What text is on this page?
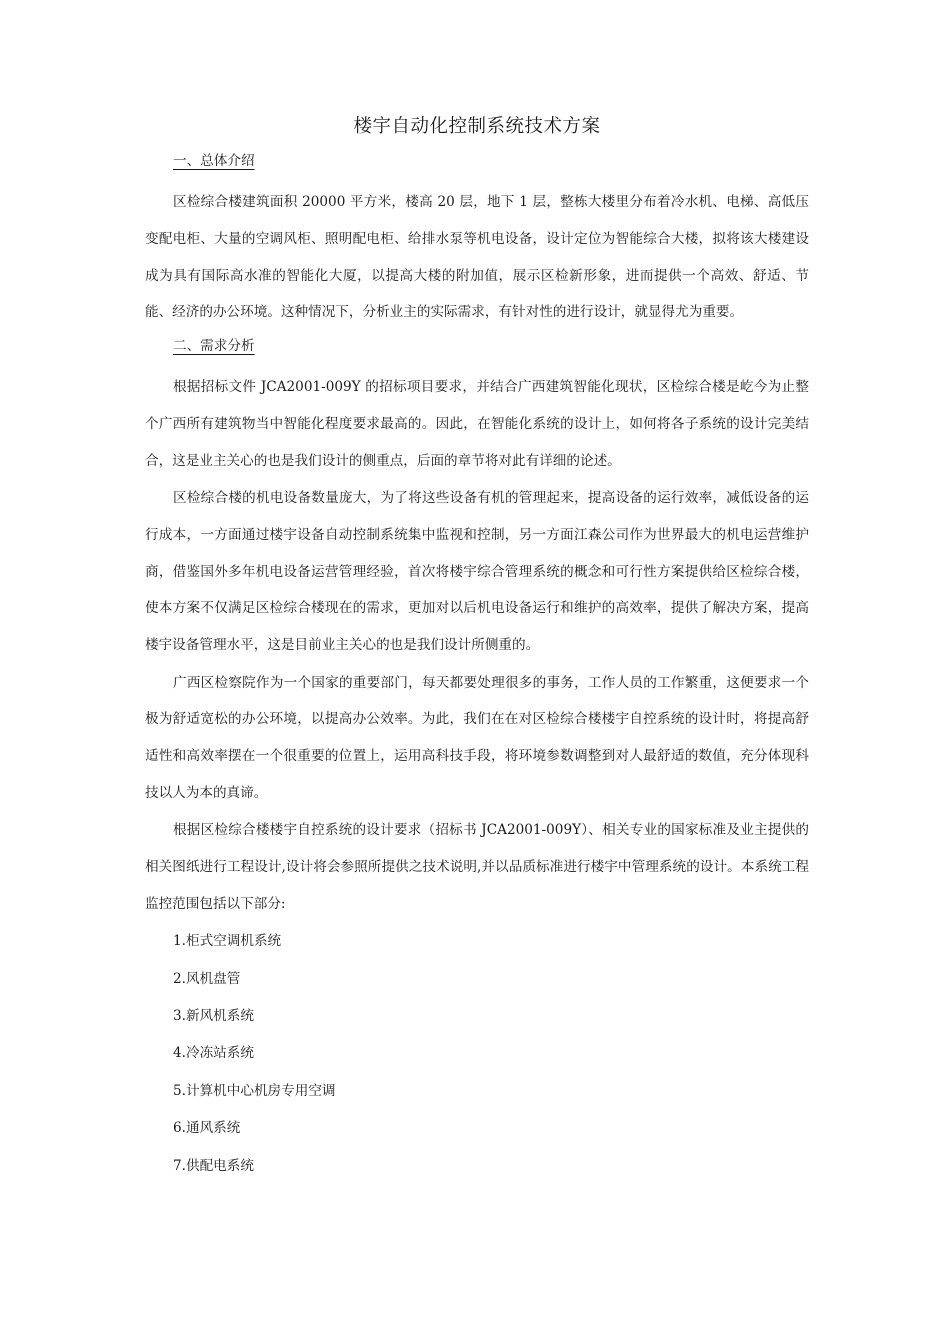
楼宇自动化控制系统技术方案
一、总体介绍

区检综合楼建筑面积 20000 平方米，楼高 20 层，地下 1 层，整栋大楼里分布着冷水机、电梯、高低压变配电柜、大量的空调风柜、照明配电柜、给排水泵等机电设备，设计定位为智能综合大楼，拟将该大楼建设成为具有国际高水准的智能化大厦，以提高大楼的附加值，展示区检新形象，进而提供一个高效、舒适、节能、经济的办公环境。这种情况下，分析业主的实际需求，有针对性的进行设计，就显得尤为重要。

二、需求分析

根据招标文件 JCA2001-009Y 的招标项目要求，并结合广西建筑智能化现状，区检综合楼是屹今为止整个广西所有建筑物当中智能化程度要求最高的。因此，在智能化系统的设计上，如何将各子系统的设计完美结合，这是业主关心的也是我们设计的侧重点，后面的章节将对此有详细的论述。

区检综合楼的机电设备数量庞大，为了将这些设备有机的管理起来，提高设备的运行效率，减低设备的运行成本，一方面通过楼宇设备自动控制系统集中监视和控制，另一方面江森公司作为世界最大的机电运营维护商，借鉴国外多年机电设备运营管理经验，首次将楼宇综合管理系统的概念和可行性方案提供给区检综合楼，使本方案不仅满足区检综合楼现在的需求，更加对以后机电设备运行和维护的高效率，提供了解决方案，提高楼宇设备管理水平，这是目前业主关心的也是我们设计所侧重的。

广西区检察院作为一个国家的重要部门，每天都要处理很多的事务，工作人员的工作繁重，这便要求一个极为舒适宽松的办公环境，以提高办公效率。为此，我们在在对区检综合楼楼宇自控系统的设计时，将提高舒适性和高效率摆在一个很重要的位置上，运用高科技手段，将环境参数调整到对人最舒适的数值，充分体现科技以人为本的真谛。

根据区检综合楼楼宇自控系统的设计要求（招标书 JCA2001-009Y）、相关专业的国家标准及业主提供的相关图纸进行工程设计,设计将会参照所提供之技术说明,并以品质标准进行楼宇中管理系统的设计。本系统工程监控范围包括以下部分:

1.柜式空调机系统
2.风机盘管
3.新风机系统
4.冷冻站系统
5.计算机中心机房专用空调
6.通风系统
7.供配电系统
